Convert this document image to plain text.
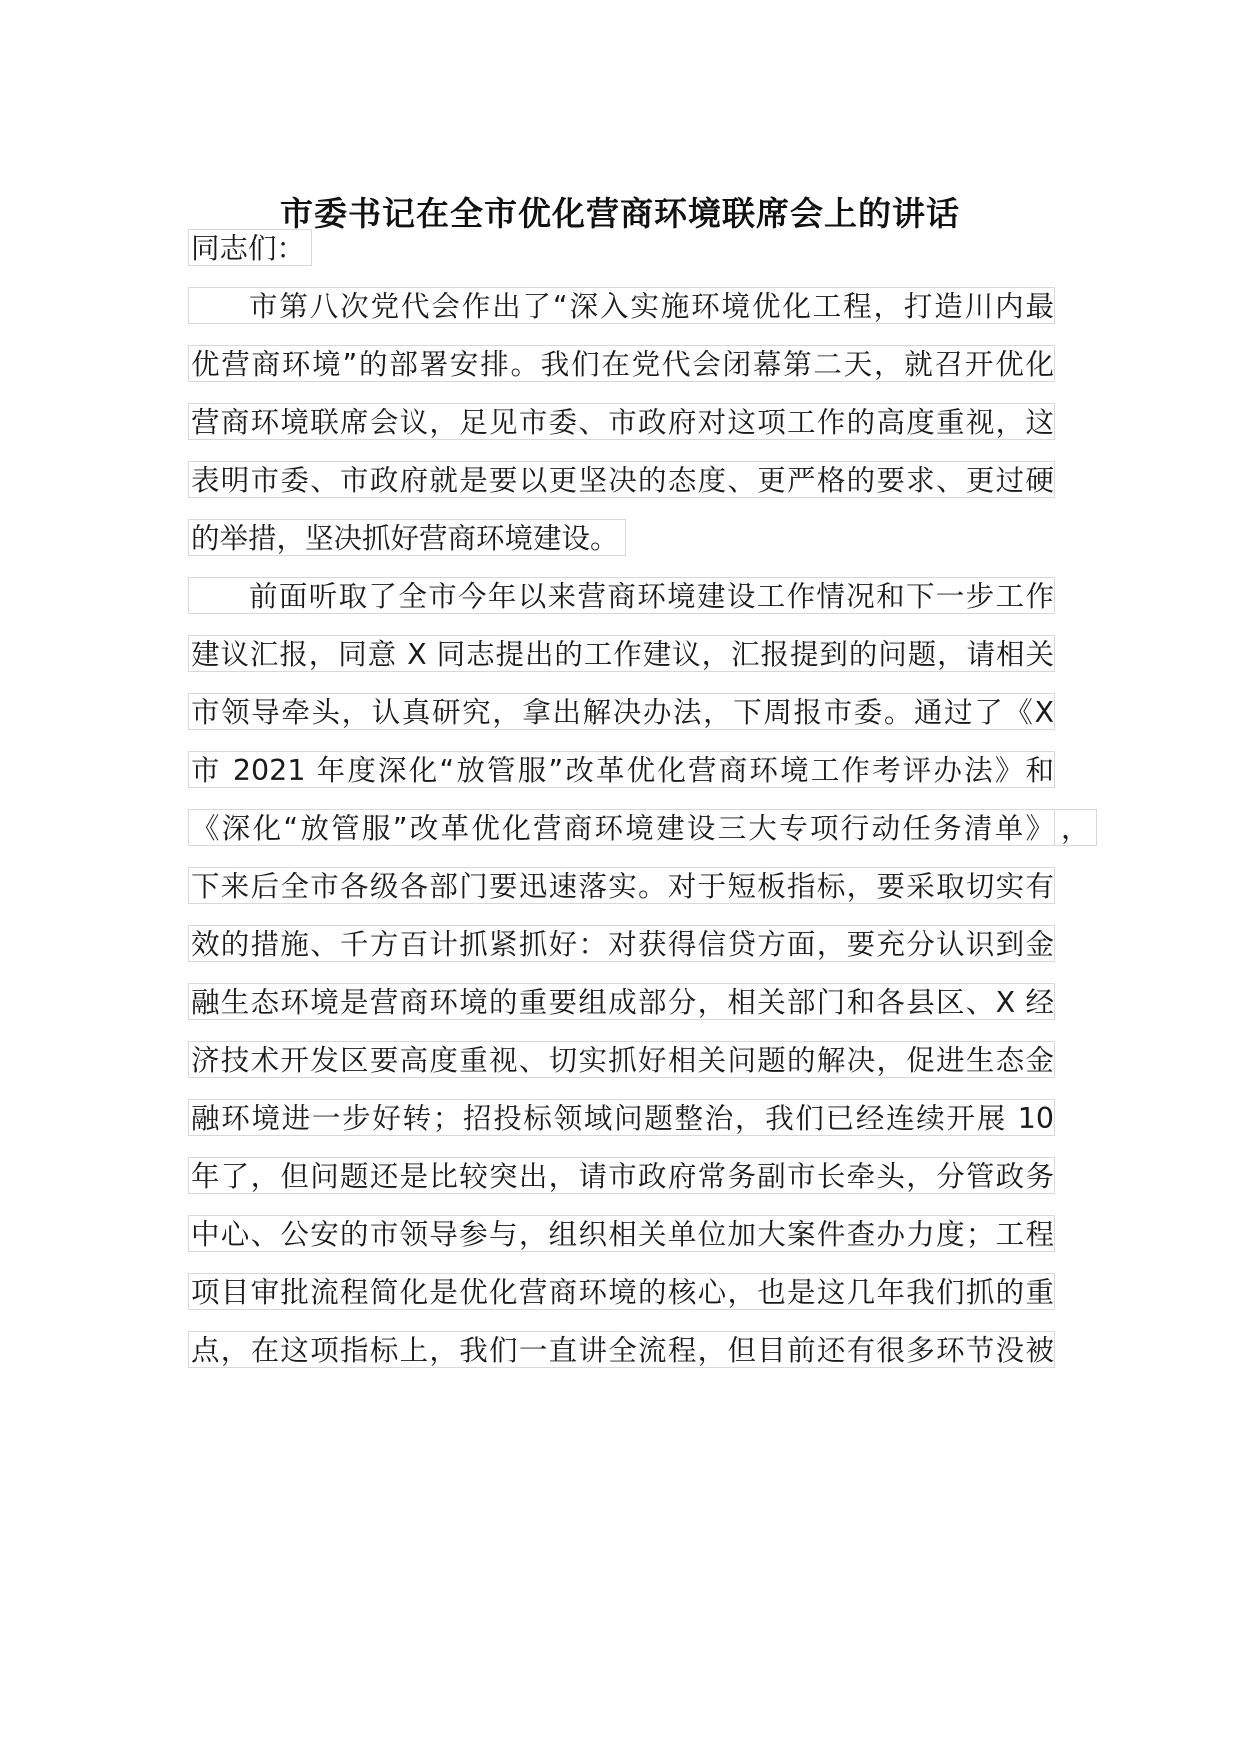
市委书记在全市优化营商环境联席会上的讲话
同志们：
市第八次党代会作出了“深入实施环境优化工程，打造川内最
优营商环境”的部署安排。我们在党代会闭幕第二天，就召开优化
营商环境联席会议，足见市委、市政府对这项工作的高度重视，这
表明市委、市政府就是要以更坚决的态度、更严格的要求、更过硬
的举措，坚决抓好营商环境建设。
前面听取了全市今年以来营商环境建设工作情况和下一步工作
建议汇报，同意 X 同志提出的工作建议，汇报提到的问题，请相关
市领导牵头，认真研究，拿出解决办法，下周报市委。通过了《X
市 2021 年度深化“放管服”改革优化营商环境工作考评办法》和
《深化“放管服”改革优化营商环境建设三大专项行动任务清单》 ，
下来后全市各级各部门要迅速落实。对于短板指标，要采取切实有
效的措施、千方百计抓紧抓好：对获得信贷方面，要充分认识到金
融生态环境是营商环境的重要组成部分，相关部门和各县区、X 经
济技术开发区要高度重视、切实抓好相关问题的解决，促进生态金
融环境进一步好转；招投标领域问题整治，我们已经连续开展 10
年了，但问题还是比较突出，请市政府常务副市长牵头，分管政务
中心、公安的市领导参与，组织相关单位加大案件查办力度；工程
项目审批流程简化是优化营商环境的核心，也是这几年我们抓的重
点，在这项指标上，我们一直讲全流程，但目前还有很多环节没被
